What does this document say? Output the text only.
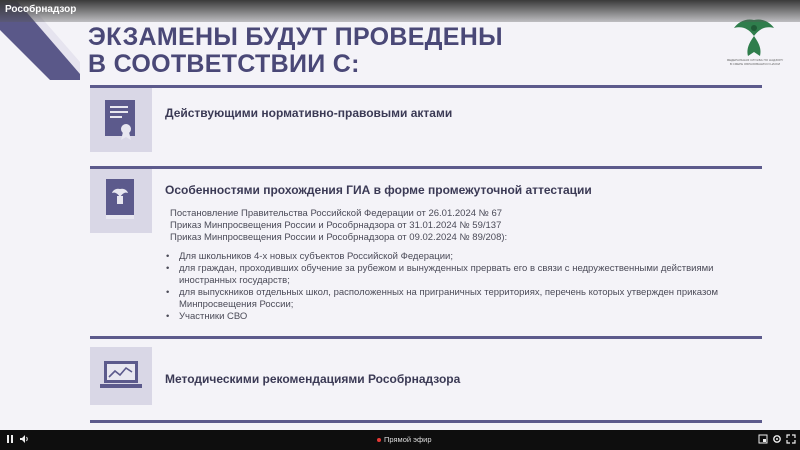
ЭКЗАМЕНЫ БУДУТ ПРОВЕДЕНЫ
В СООТВЕТСТВИИ С:	ФЕДЕРАЛЬНАЯ СЛУЖБА ПО НАДЗОРУ В СФЕРЕ ОБРАЗОВАНИЯ И НАУКИ
Действующими нормативно-правовыми актами
Особенностями прохождения ГИА в форме промежуточной аттестации
Постановление Правительства Российской Федерации от 26.01.2024 № 67
Приказ Минпросвещения России и Рособрнадзора от 31.01.2024 № 59/137
Приказ Минпросвещения России и Рособрнадзора от 09.02.2024 № 89/208):
• Для школьников 4-х новых субъектов Российской Федерации;
• для граждан, проходивших обучение за рубежом и вынужденных прервать его в связи с недружественными действиями иностранных государств;
• для выпускников отдельных школ, расположенных на приграничных территориях, перечень которых утвержден приказом Минпросвещения России;
• Участники СВО
Методическими рекомендациями Рособрнадзора
Рособрнадзор
Прямой эфир
